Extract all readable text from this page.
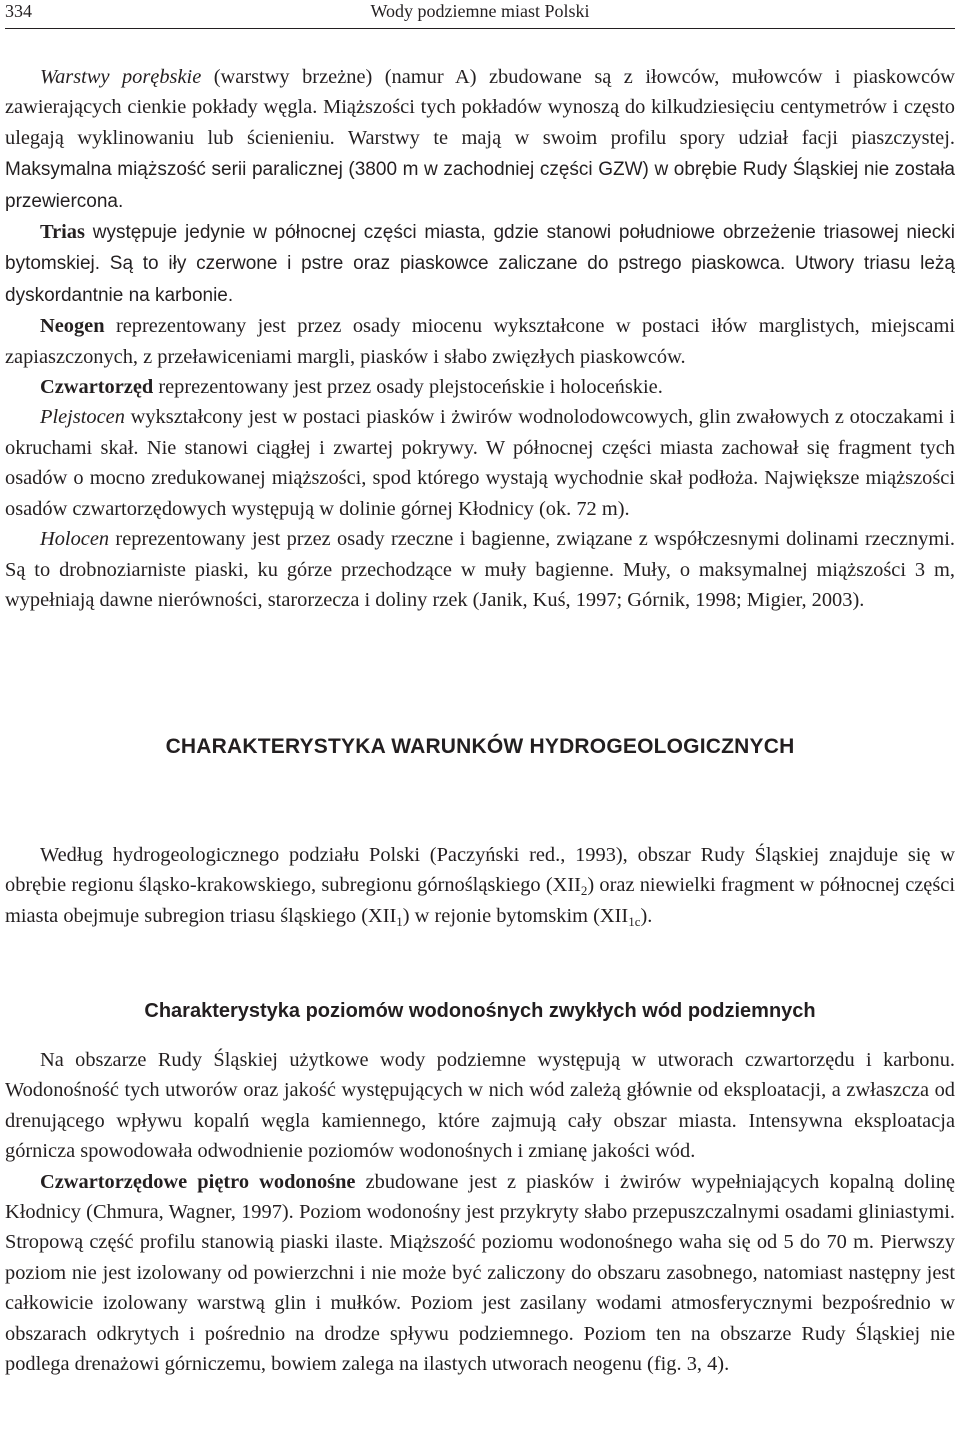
334	Wody podziemne miast Polski

Warstwy porębskie (warstwy brzeżne) (namur A) zbudowane są z iłowców, mułowców i piaskowców zawierających cienkie pokłady węgla. Miąższości tych pokładów wynoszą do kilkudziesięciu centymetrów i często ulegają wyklinowaniu lub ścienieniu. Warstwy te mają w swoim profilu spory udział facji piaszczystej. Maksymalna miąższość serii paralicznej (3800 m w zachodniej części GZW) w obrębie Rudy Śląskiej nie została przewiercona.

Trias występuje jedynie w północnej części miasta, gdzie stanowi południowe obrzeżenie triasowej niecki bytomskiej. Są to iły czerwone i pstre oraz piaskowce zaliczane do pstrego piaskowca. Utwory triasu leżą dyskordantnie na karbonie.

Neogen reprezentowany jest przez osady miocenu wykształcone w postaci iłów marglistych, miejscami zapiaszczonych, z przeławiceniami margli, piasków i słabo zwięzłych piaskowców.

Czwartorzęd reprezentowany jest przez osady plejstoceńskie i holoceńskie.

Plejstocen wykształcony jest w postaci piasków i żwirów wodnolodowcowych, glin zwałowych z otoczakami i okruchami skał. Nie stanowi ciągłej i zwartej pokrywy. W północnej części miasta zachował się fragment tych osadów o mocno zredukowanej miąższości, spod którego wystają wychodnie skał podłoża. Największe miąższości osadów czwartorzędowych występują w dolinie górnej Kłodnicy (ok. 72 m).

Holocen reprezentowany jest przez osady rzeczne i bagienne, związane z współczesnymi dolinami rzecznymi. Są to drobnoziarniste piaski, ku górze przechodzące w muły bagienne. Muły, o maksymalnej miąższości 3 m, wypełniają dawne nierówności, starorzecza i doliny rzek (Janik, Kuś, 1997; Górnik, 1998; Migier, 2003).

CHARAKTERYSTYKA WARUNKÓW HYDROGEOLOGICZNYCH

Według hydrogeologicznego podziału Polski (Paczyński red., 1993), obszar Rudy Śląskiej znajduje się w obrębie regionu śląsko-krakowskiego, subregionu górnośląskiego $(XII_2)$ oraz niewielki fragment w północnej części miasta obejmuje subregion triasu śląskiego $(XII_1)$ w rejonie bytomskim $(XII_{1c})$.

Charakterystyka poziomów wodonośnych zwykłych wód podziemnych

Na obszarze Rudy Śląskiej użytkowe wody podziemne występują w utworach czwartorzędu i karbonu. Wodonośność tych utworów oraz jakość występujących w nich wód zależą głównie od eksploatacji, a zwłaszcza od drenującego wpływu kopalń węgla kamiennego, które zajmują cały obszar miasta. Intensywna eksploatacja górnicza spowodowała odwodnienie poziomów wodonośnych i zmianę jakości wód.

Czwartorzędowe piętro wodonośne zbudowane jest z piasków i żwirów wypełniających kopalną dolinę Kłodnicy (Chmura, Wagner, 1997). Poziom wodonośny jest przykryty słabo przepuszczalnymi osadami gliniastymi. Stropową część profilu stanowią piaski ilaste. Miąższość poziomu wodonośnego waha się od 5 do 70 m. Pierwszy poziom nie jest izolowany od powierzchni i nie może być zaliczony do obszaru zasobnego, natomiast następny jest całkowicie izolowany warstwą glin i mułków. Poziom jest zasilany wodami atmosferycznymi bezpośrednio w obszarach odkrytych i pośrednio na drodze spływu podziemnego. Poziom ten na obszarze Rudy Śląskiej nie podlega drenażowi górniczemu, bowiem zalega na ilastych utworach neogenu (fig. 3, 4).
